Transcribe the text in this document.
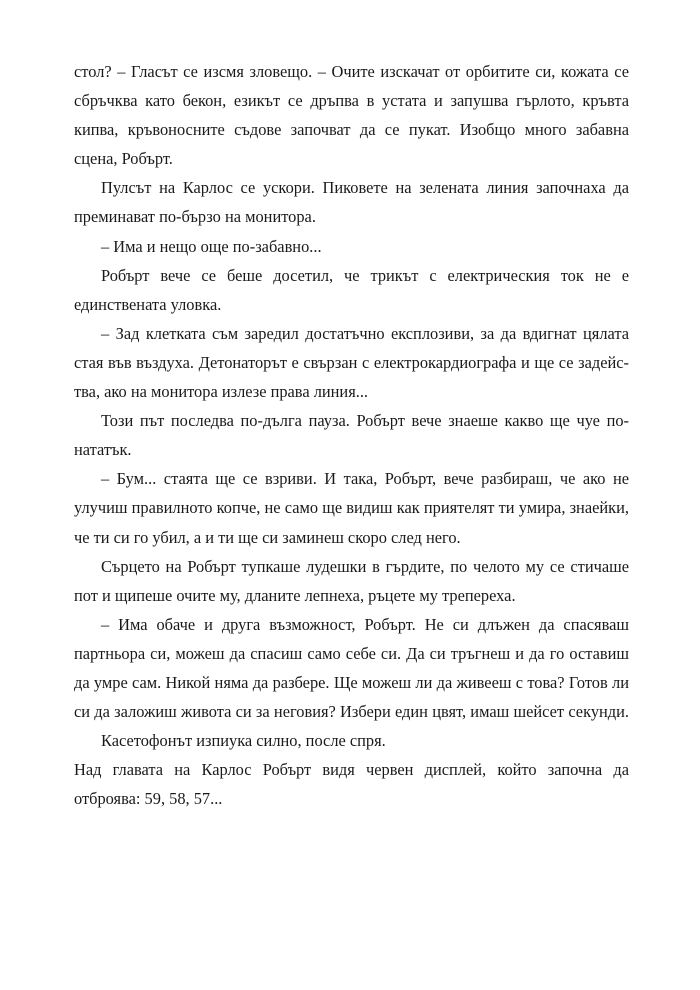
стол? – Гласът се изсмя зловещо. – Очите изскачат от орбитите си, кожата се
сбръчква като бекон, езикът се дръпва в устата и запушва гърлото, кръвта
кипва, кръвоносните съдове започват да се пукат. Изобщо много забавна
сцена, Робърт.
Пулсът на Карлос се ускори. Пиковете на зелената линия започнаха да
преминават по-бързо на монитора.
– Има и нещо още по-забавно...
Робърт вече се беше досетил, че трикът с електрическия ток не е
единствената уловка.
– Зад клетката съм заредил достатъчно експлозиви, за да вдигнат цялата
стая във въздуха. Детонаторът е свързан с електрокардиографа и ще се задейс-
тва, ако на монитора излезе права линия...
Този път последва по-дълга пауза. Робърт вече знаеше какво ще чуе по-
нататък.
– Бум... стаята ще се взриви. И така, Робърт, вече разбираш, че ако не
улучиш правилното копче, не само ще видиш как приятелят ти умира, знаейки,
че ти си го убил, а и ти ще си заминеш скоро след него.
Сърцето на Робърт тупкаше лудешки в гърдите, по челото му се стичаше
пот и щипеше очите му, дланите лепнеха, ръцете му трепереха.
– Има обаче и друга възможност, Робърт. Не си длъжен да спасяваш
партньора си, можеш да спасиш само себе си. Да си тръгнеш и да го оставиш
да умре сам. Никой няма да разбере. Ще можеш ли да живееш с това? Готов ли
си да заложиш живота си за неговия? Избери един цвят, имаш шейсет секунди.
Касетофонът изпиука силно, после спря.
Над главата на Карлос Робърт видя червен дисплей, който започна да
отброява: 59, 58, 57...
